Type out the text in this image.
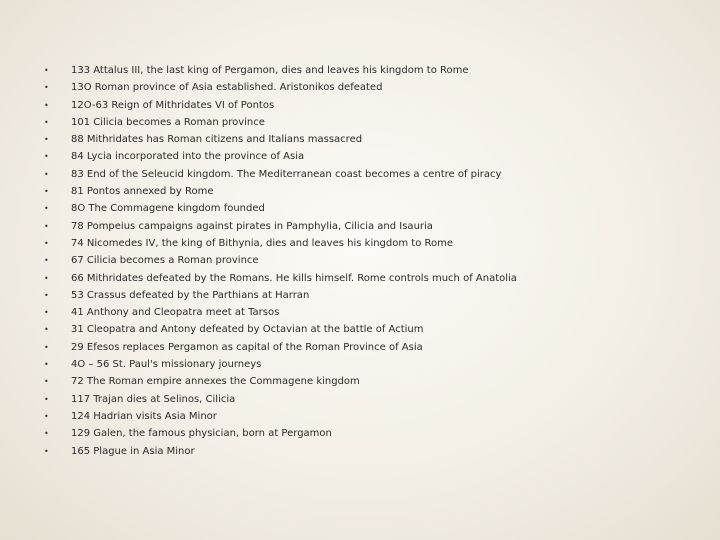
• 133 Attalus III, the last king of Pergamon, dies and leaves his kingdom to Rome
• 13O Roman province of Asia established. Aristonikos defeated
• 12O-63 Reign of Mithridates VI of Pontos
• 101 Cilicia becomes a Roman province
• 88 Mithridates has Roman citizens and Italians massacred
• 84 Lycia incorporated into the province of Asia
• 83 End of the Seleucid kingdom. The Mediterranean coast becomes a centre of piracy
• 81 Pontos annexed by Rome
• 8O The Commagene kingdom founded
• 78 Pompeius campaigns against pirates in Pamphylia, Cilicia and Isauria
• 74 Nicomedes IV, the king of Bithynia, dies and leaves his kingdom to Rome
• 67 Cilicia becomes a Roman province
• 66 Mithridates defeated by the Romans. He kills himself. Rome controls much of Anatolia
• 53 Crassus defeated by the Parthians at Harran
• 41 Anthony and Cleopatra meet at Tarsos
• 31 Cleopatra and Antony defeated by Octavian at the battle of Actium
• 29 Efesos replaces Pergamon as capital of the Roman Province of Asia
• 4O – 56 St. Paul's missionary journeys
• 72 The Roman empire annexes the Commagene kingdom
• 117 Trajan dies at Selinos, Cilicia
• 124 Hadrian visits Asia Minor
• 129 Galen, the famous physician, born at Pergamon
• 165 Plague in Asia Minor
